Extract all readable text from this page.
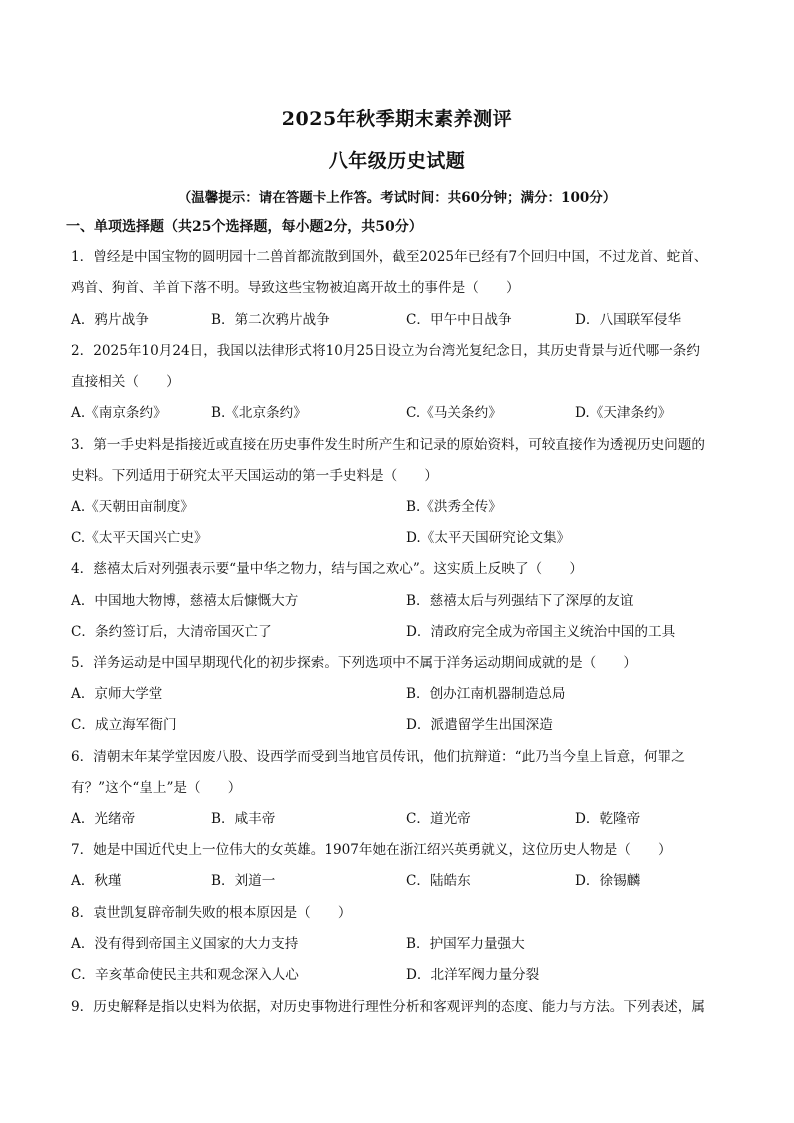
2025年秋季期末素养测评
八年级历史试题
（温馨提示：请在答题卡上作答。考试时间：共60分钟；满分：100分）
一、单项选择题（共25个选择题，每小题2分，共50分）
1．曾经是中国宝物的圆明园十二兽首都流散到国外，截至2025年已经有7个回归中国，不过龙首、蛇首、
鸡首、狗首、羊首下落不明。导致这些宝物被迫离开故土的事件是（　　）
A．鸦片战争	B．第二次鸦片战争	C．甲午中日战争	D．八国联军侵华
2．2025年10月24日，我国以法律形式将10月25日设立为台湾光复纪念日，其历史背景与近代哪一条约
直接相关（　　）
A.《南京条约》	B.《北京条约》	C.《马关条约》	D.《天津条约》
3．第一手史料是指接近或直接在历史事件发生时所产生和记录的原始资料，可较直接作为透视历史问题的
史料。下列适用于研究太平天国运动的第一手史料是（　　）
A.《天朝田亩制度》	B.《洪秀全传》
C.《太平天国兴亡史》	D.《太平天国研究论文集》
4．慈禧太后对列强表示要“量中华之物力，结与国之欢心”。这实质上反映了（　　）
A．中国地大物博，慈禧太后慷慨大方	B．慈禧太后与列强结下了深厚的友谊
C．条约签订后，大清帝国灭亡了	D．清政府完全成为帝国主义统治中国的工具
5．洋务运动是中国早期现代化的初步探索。下列选项中不属于洋务运动期间成就的是（　　）
A．京师大学堂	B．创办江南机器制造总局
C．成立海军衙门	D．派遣留学生出国深造
6．清朝末年某学堂因废八股、设西学而受到当地官员传讯，他们抗辩道：“此乃当今皇上旨意，何罪之
有？”这个“皇上”是（　　）
A．光绪帝	B．咸丰帝	C．道光帝	D．乾隆帝
7．她是中国近代史上一位伟大的女英雄。1907年她在浙江绍兴英勇就义，这位历史人物是（　　）
A．秋瑾	B．刘道一	C．陆皓东	D．徐锡麟
8．袁世凯复辟帝制失败的根本原因是（　　）
A．没有得到帝国主义国家的大力支持	B．护国军力量强大
C．辛亥革命使民主共和观念深入人心	D．北洋军阀力量分裂
9．历史解释是指以史料为依据，对历史事物进行理性分析和客观评判的态度、能力与方法。下列表述，属
